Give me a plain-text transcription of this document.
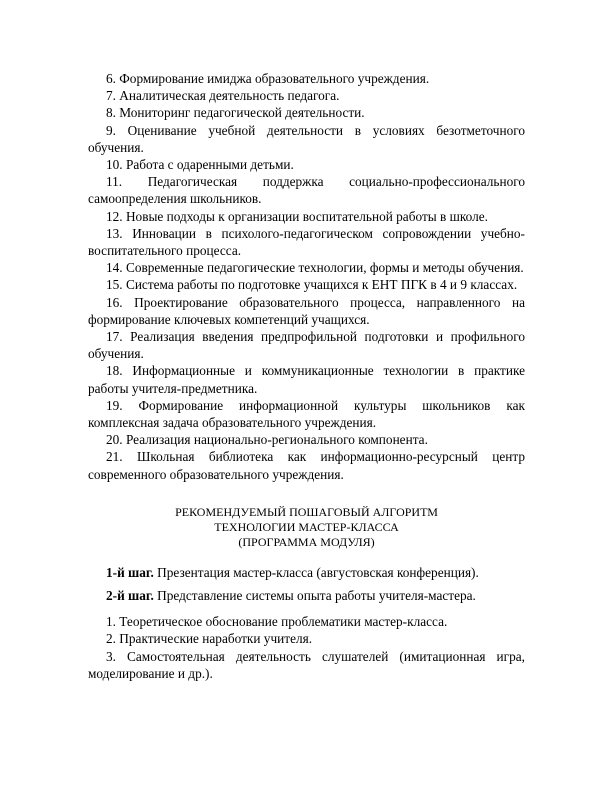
6. Формирование имиджа образовательного учреждения.

7. Аналитическая деятельность педагога.

8. Мониторинг педагогической деятельности.

9. Оценивание учебной деятельности в условиях безотметочного обучения.

10. Работа с одаренными детьми.

11. Педагогическая поддержка социально-профессионального самоопределения школьников.

12. Новые подходы к организации воспитательной работы в школе.

13. Инновации в психолого-педагогическом сопровождении учебно-воспитательного процесса.

14. Современные педагогические технологии, формы и методы обучения.

15. Система работы по подготовке учащихся к ЕНТ ПГК в 4 и 9 классах.

16. Проектирование образовательного процесса, направленного на формирование ключевых компетенций учащихся.

17. Реализация введения предпрофильной подготовки и профильного обучения.

18. Информационные и коммуникационные технологии в практике работы учителя-предметника.

19. Формирование информационной культуры школьников как комплексная задача образовательного учреждения.

20. Реализация национально-регионального компонента.

21. Школьная библиотека как информационно-ресурсный центр современного образовательного учреждения.

РЕКОМЕНДУЕМЫЙ ПОШАГОВЫЙ АЛГОРИТМ

ТЕХНОЛОГИИ МАСТЕР-КЛАССА

(ПРОГРАММА МОДУЛЯ)

1-й шаг. Презентация мастер-класса (августовская конференция).

2-й шаг. Представление системы опыта работы учителя-мастера.

1. Теоретическое обоснование проблематики мастер-класса.

2. Практические наработки учителя.

3. Самостоятельная деятельность слушателей (имитационная игра, моделирование и др.).
